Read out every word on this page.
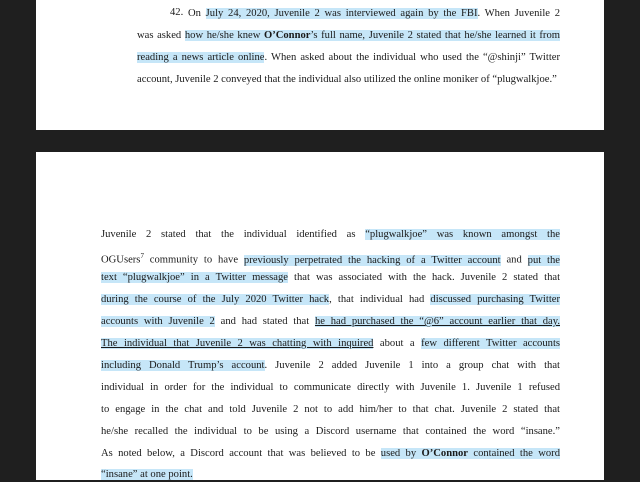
42. On July 24, 2020, Juvenile 2 was interviewed again by the FBI. When Juvenile 2
was asked how he/she knew O’Connor’s full name, Juvenile 2 stated that he/she learned it from
reading a news article online. When asked about the individual who used the “@shinji” Twitter
account, Juvenile 2 conveyed that the individual also utilized the online moniker of “plugwalkjoe.”
Juvenile 2 stated that the individual identified as “plugwalkjoe” was known amongst the
OGUsers$^7$ community to have previously perpetrated the hacking of a Twitter account and put the
text “plugwalkjoe” in a Twitter message that was associated with the hack. Juvenile 2 stated that
during the course of the July 2020 Twitter hack, that individual had discussed purchasing Twitter
accounts with Juvenile 2 and had stated that he had purchased the “@6” account earlier that day.
The individual that Juvenile 2 was chatting with inquired about a few different Twitter accounts
including Donald Trump’s account. Juvenile 2 added Juvenile 1 into a group chat with that
individual in order for the individual to communicate directly with Juvenile 1. Juvenile 1 refused
to engage in the chat and told Juvenile 2 not to add him/her to that chat. Juvenile 2 stated that
he/she recalled the individual to be using a Discord username that contained the word “insane.”
As noted below, a Discord account that was believed to be used by O’Connor contained the word
“insane” at one point.
